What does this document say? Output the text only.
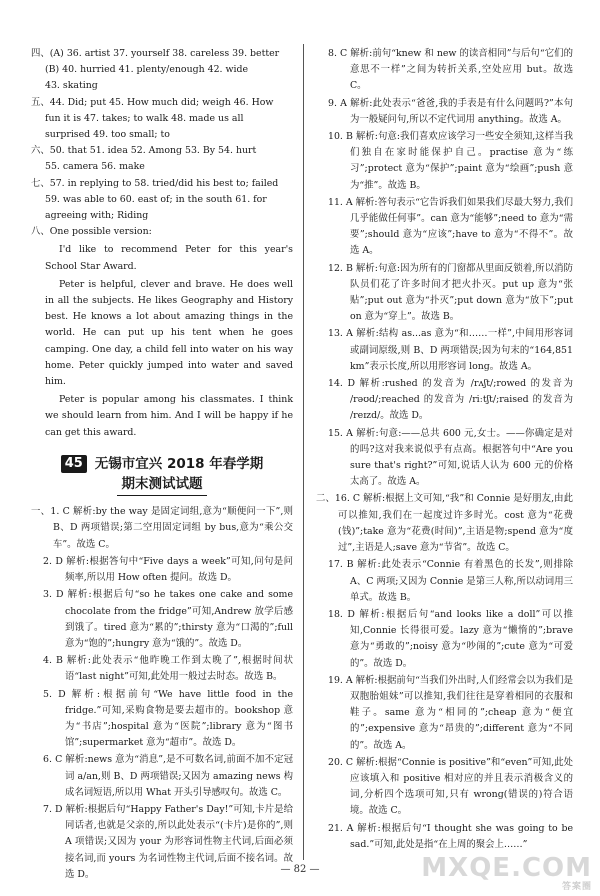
四、(A) 36. artist 37. yourself 38. careless 39. better
(B) 40. hurried 41. plenty/enough 42. wide
43. skating
五、44. Did; put 45. How much did; weigh 46. How
fun it is 47. takes; to walk 48. made us all
surprised 49. too small; to
六、50. that 51. idea 52. Among 53. By 54. hurt
55. camera 56. make
七、57. in replying to 58. tried/did his best to; failed
59. was able to 60. east of; in the south 61. for
agreeing with; Riding
八、One possible version:
I'd like to recommend Peter for this year's School Star Award.
Peter is helpful, clever and brave. He does well in all the subjects. He likes Geography and History best. He knows a lot about amazing things in the world. He can put up his tent when he goes camping. One day, a child fell into water on his way home. Peter quickly jumped into water and saved him.
Peter is popular among his classmates. I think we should learn from him. And I will be happy if he can get this award.
45 无锡市宜兴 2018 年春学期
期末测试试题
一、1. C 解析:by the way 是固定词组,意为“顺便问一下”,则 B、D 两项错误;第二空用固定词组 by bus,意为“乘公交车”。故选 C。
2. D 解析:根据答句中“Five days a week”可知,问句是问频率,所以用 How often 提问。故选 D。
3. D 解析:根据后句“so he takes one cake and some chocolate from the fridge”可知,Andrew 放学后感到饿了。tired 意为“累的”;thirsty 意为“口渴的”;full 意为“饱的”;hungry 意为“饿的”。故选 D。
4. B 解析:此处表示“他昨晚工作到太晚了”,根据时间状语“last night”可知,此处用一般过去时态。故选 B。
5. D 解析:根据前句“We have little food in the fridge.”可知,采购食物是要去超市的。bookshop 意为“书店”;hospital 意为“医院”;library 意为“图书馆”;supermarket 意为“超市”。故选 D。
6. C 解析:news 意为“消息”,是不可数名词,前面不加不定冠词 a/an,则 B、D 两项错误;又因为 amazing news 构成名词短语,所以用 What 开头引导感叹句。故选 C。
7. D 解析:根据后句“Happy Father's Day!”可知,卡片是给同话者,也就是父亲的,所以此处表示“(卡片)是你的”,则 A 项错误;又因为 your 为形容词性物主代词,后面必须接名词,而 yours 为名词性物主代词,后面不接名词。故选 D。
8. C 解析:前句“knew 和 new 的读音相同”与后句“它们的意思不一样”之间为转折关系,空处应用 but。故选 C。
9. A 解析:此处表示“爸爸,我的手表是有什么问题吗?”本句为一般疑问句,所以不定代词用 anything。故选 A。
10. B 解析:句意:我们喜欢应该学习一些安全须知,这样当我们独自在家时能保护自己。practise 意为“练习”;protect 意为“保护”;paint 意为“绘画”;push 意为“推”。故选 B。
11. A 解析:答句表示“它告诉我们如果我们尽最大努力,我们几乎能做任何事”。can 意为“能够”;need to 意为“需要”;should 意为“应该”;have to 意为“不得不”。故选 A。
12. B 解析:句意:因为所有的门窗都从里面反锁着,所以消防队员们花了许多时间才把火扑灭。put up 意为“张贴”;put out 意为“扑灭”;put down 意为“放下”;put on 意为“穿上”。故选 B。
13. A 解析:结构 as...as 意为“和……一样”,中间用形容词或副词原级,则 B、D 两项错误;因为句末的“164,851 km”表示长度,所以用形容词 long。故选 A。
14. D 解析:rushed 的发音为 /rʌʃt/;rowed 的发音为 /rəʊd/;reached 的发音为 /riːtʃt/;raised 的发音为 /reɪzd/。故选 D。
15. A 解析:句意:——总共 600 元,女士。——你确定是对的吗?这对我来说似乎有点高。根据答句中“Are you sure that's right?”可知,说话人认为 600 元的价格太高了。故选 A。
二、16. C 解析:根据上文可知,“我”和 Connie 是好朋友,由此可以推知,我们在一起度过许多时光。cost 意为“花费(钱)”;take 意为“花费(时间)”,主语是物;spend 意为“度过”,主语是人;save 意为“节省”。故选 C。
17. B 解析:此处表示“Connie 有着黑色的长发”,则排除 A、C 两项;又因为 Connie 是第三人称,所以动词用三单式。故选 B。
18. D 解析:根据后句“and looks like a doll”可以推知,Connie 长得很可爱。lazy 意为“懒惰的”;brave 意为“勇敢的”;noisy 意为“吵闹的”;cute 意为“可爱的”。故选 D。
19. A 解析:根据前句“当我们外出时,人们经常会以为我们是双胞胎姐妹”可以推知,我们往往是穿着相同的衣服和鞋子。same 意为“相同的”;cheap 意为“便宜的”;expensive 意为“昂贵的”;different 意为“不同的”。故选 A。
20. C 解析:根据“Connie is positive”和“even”可知,此处应该填入和 positive 相对应的并且表示消极含义的词,分析四个选项可知,只有 wrong(错误的)符合语境。故选 C。
21. A 解析:根据后句“I thought she was going to be sad.”可知,此处是指“在上周的聚会上……”
— 82 —	MXQE.COM
答案圈
